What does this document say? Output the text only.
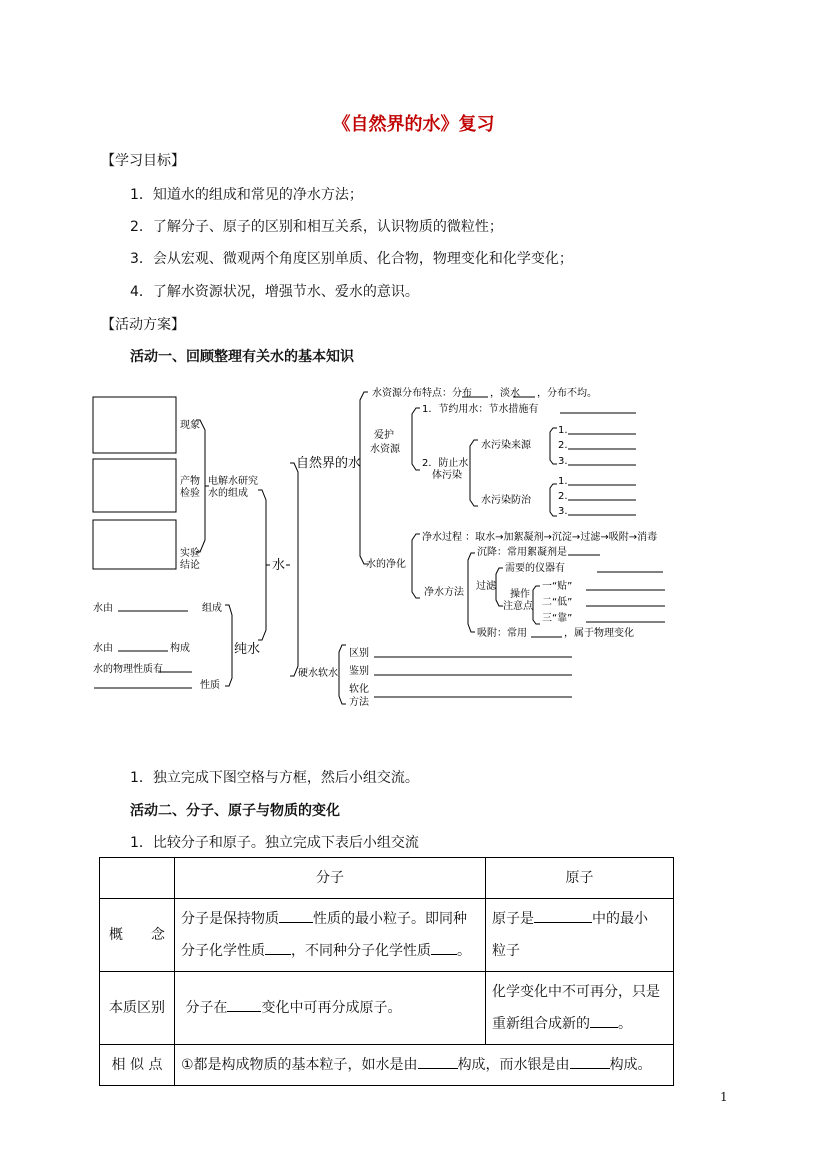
《自然界的水》复习
【学习目标】
1．知道水的组成和常见的净水方法；
2．了解分子、原子的区别和相互关系，认识物质的微粒性；
3．会从宏观、微观两个角度区别单质、化合物，物理变化和化学变化；
4．了解水资源状况，增强节水、爱水的意识。
【活动方案】
活动一、回顾整理有关水的基本知识
现象
产物
检验
电解水研究
水的组成
实验
结论
水由	组成
水由	构成
水的物理性质有
性质
水资源分布特点：分布 ，淡水 ，分布不均。
爱护
水资源
1．节约用水：节水措施有
2．防止水
体污染
水污染来源
水污染防治
1.
2.
3.
1.
2.
3.
水的净化
净水过程 ：取水→加絮凝剂→沉淀→过滤→吸附→消毒
净水方法
沉降：常用絮凝剂是
过滤
需要的仪器有
操作
注意点
一“贴”
二“低”
三“靠”
吸附：常用	，属于物理变化
硬水软水
区别
鉴别
软化
方法
自然界的水
水
纯水
1．独立完成下图空格与方框，然后小组交流。
活动二、分子、原子与物质的变化
1．比较分子和原子。独立完成下表后小组交流
	分子	原子
概　　念	分子是保持物质 性质的最小粒子。即同种
分子化学性质 ，不同种分子化学性质 。	原子是 中的最小
粒子
本质区别	分子在 变化中可再分成原子。	化学变化中不可再分，只是
重新组合成新的 。
相 似 点	①都是构成物质的基本粒子，如水是由 构成，而水银是由 构成。	
1
